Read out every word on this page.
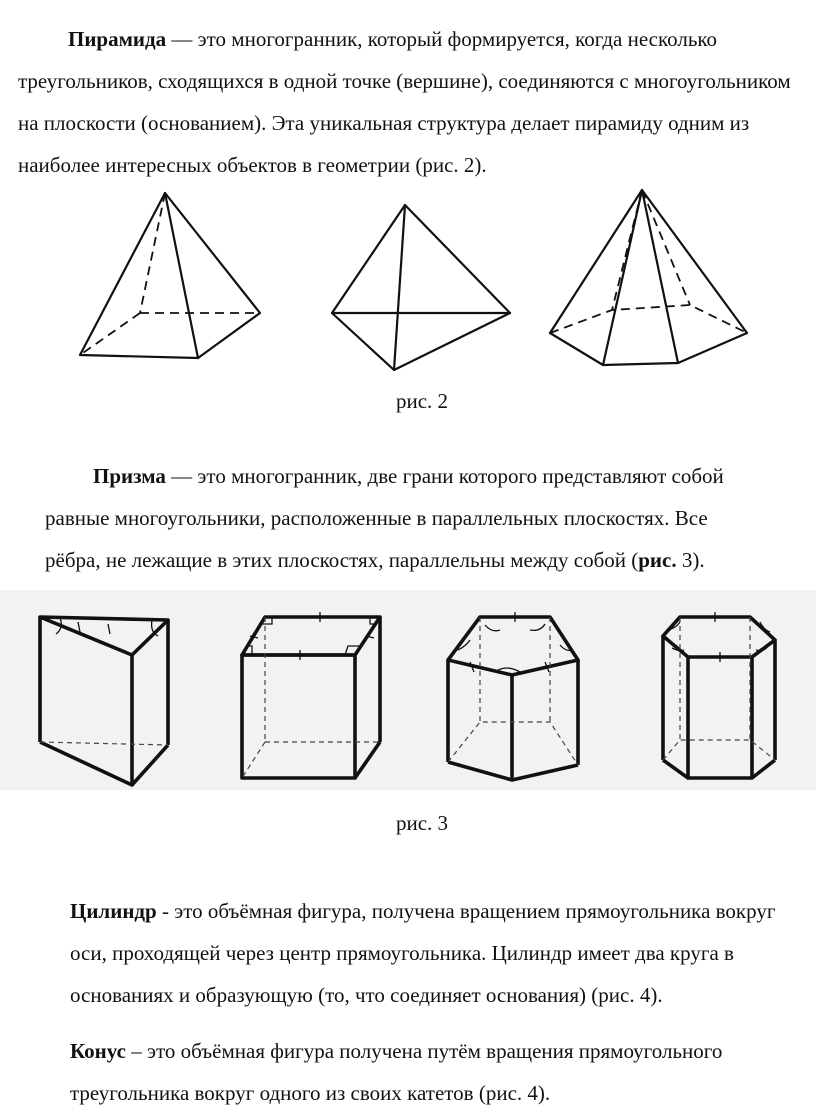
Пирамида — это многогранник, который формируется, когда несколько треугольников, сходящихся в одной точке (вершине), соединяются с многоугольником на плоскости (основанием). Эта уникальная структура делает пирамиду одним из наиболее интересных объектов в геометрии (рис. 2).

рис. 2

Призма — это многогранник, две грани которого представляют собой
равные многоугольники, расположенные в параллельных плоскостях. Все
рёбра, не лежащие в этих плоскостях, параллельны между собой (рис. 3).

рис. 3

Цилиндр - это объёмная фигура, получена вращением прямоугольника вокруг оси, проходящей через центр прямоугольника. Цилиндр имеет два круга в основаниях и образующую (то, что соединяет основания) (рис. 4).

Конус – это объёмная фигура получена путём вращения прямоугольного треугольника вокруг одного из своих катетов (рис. 4).
